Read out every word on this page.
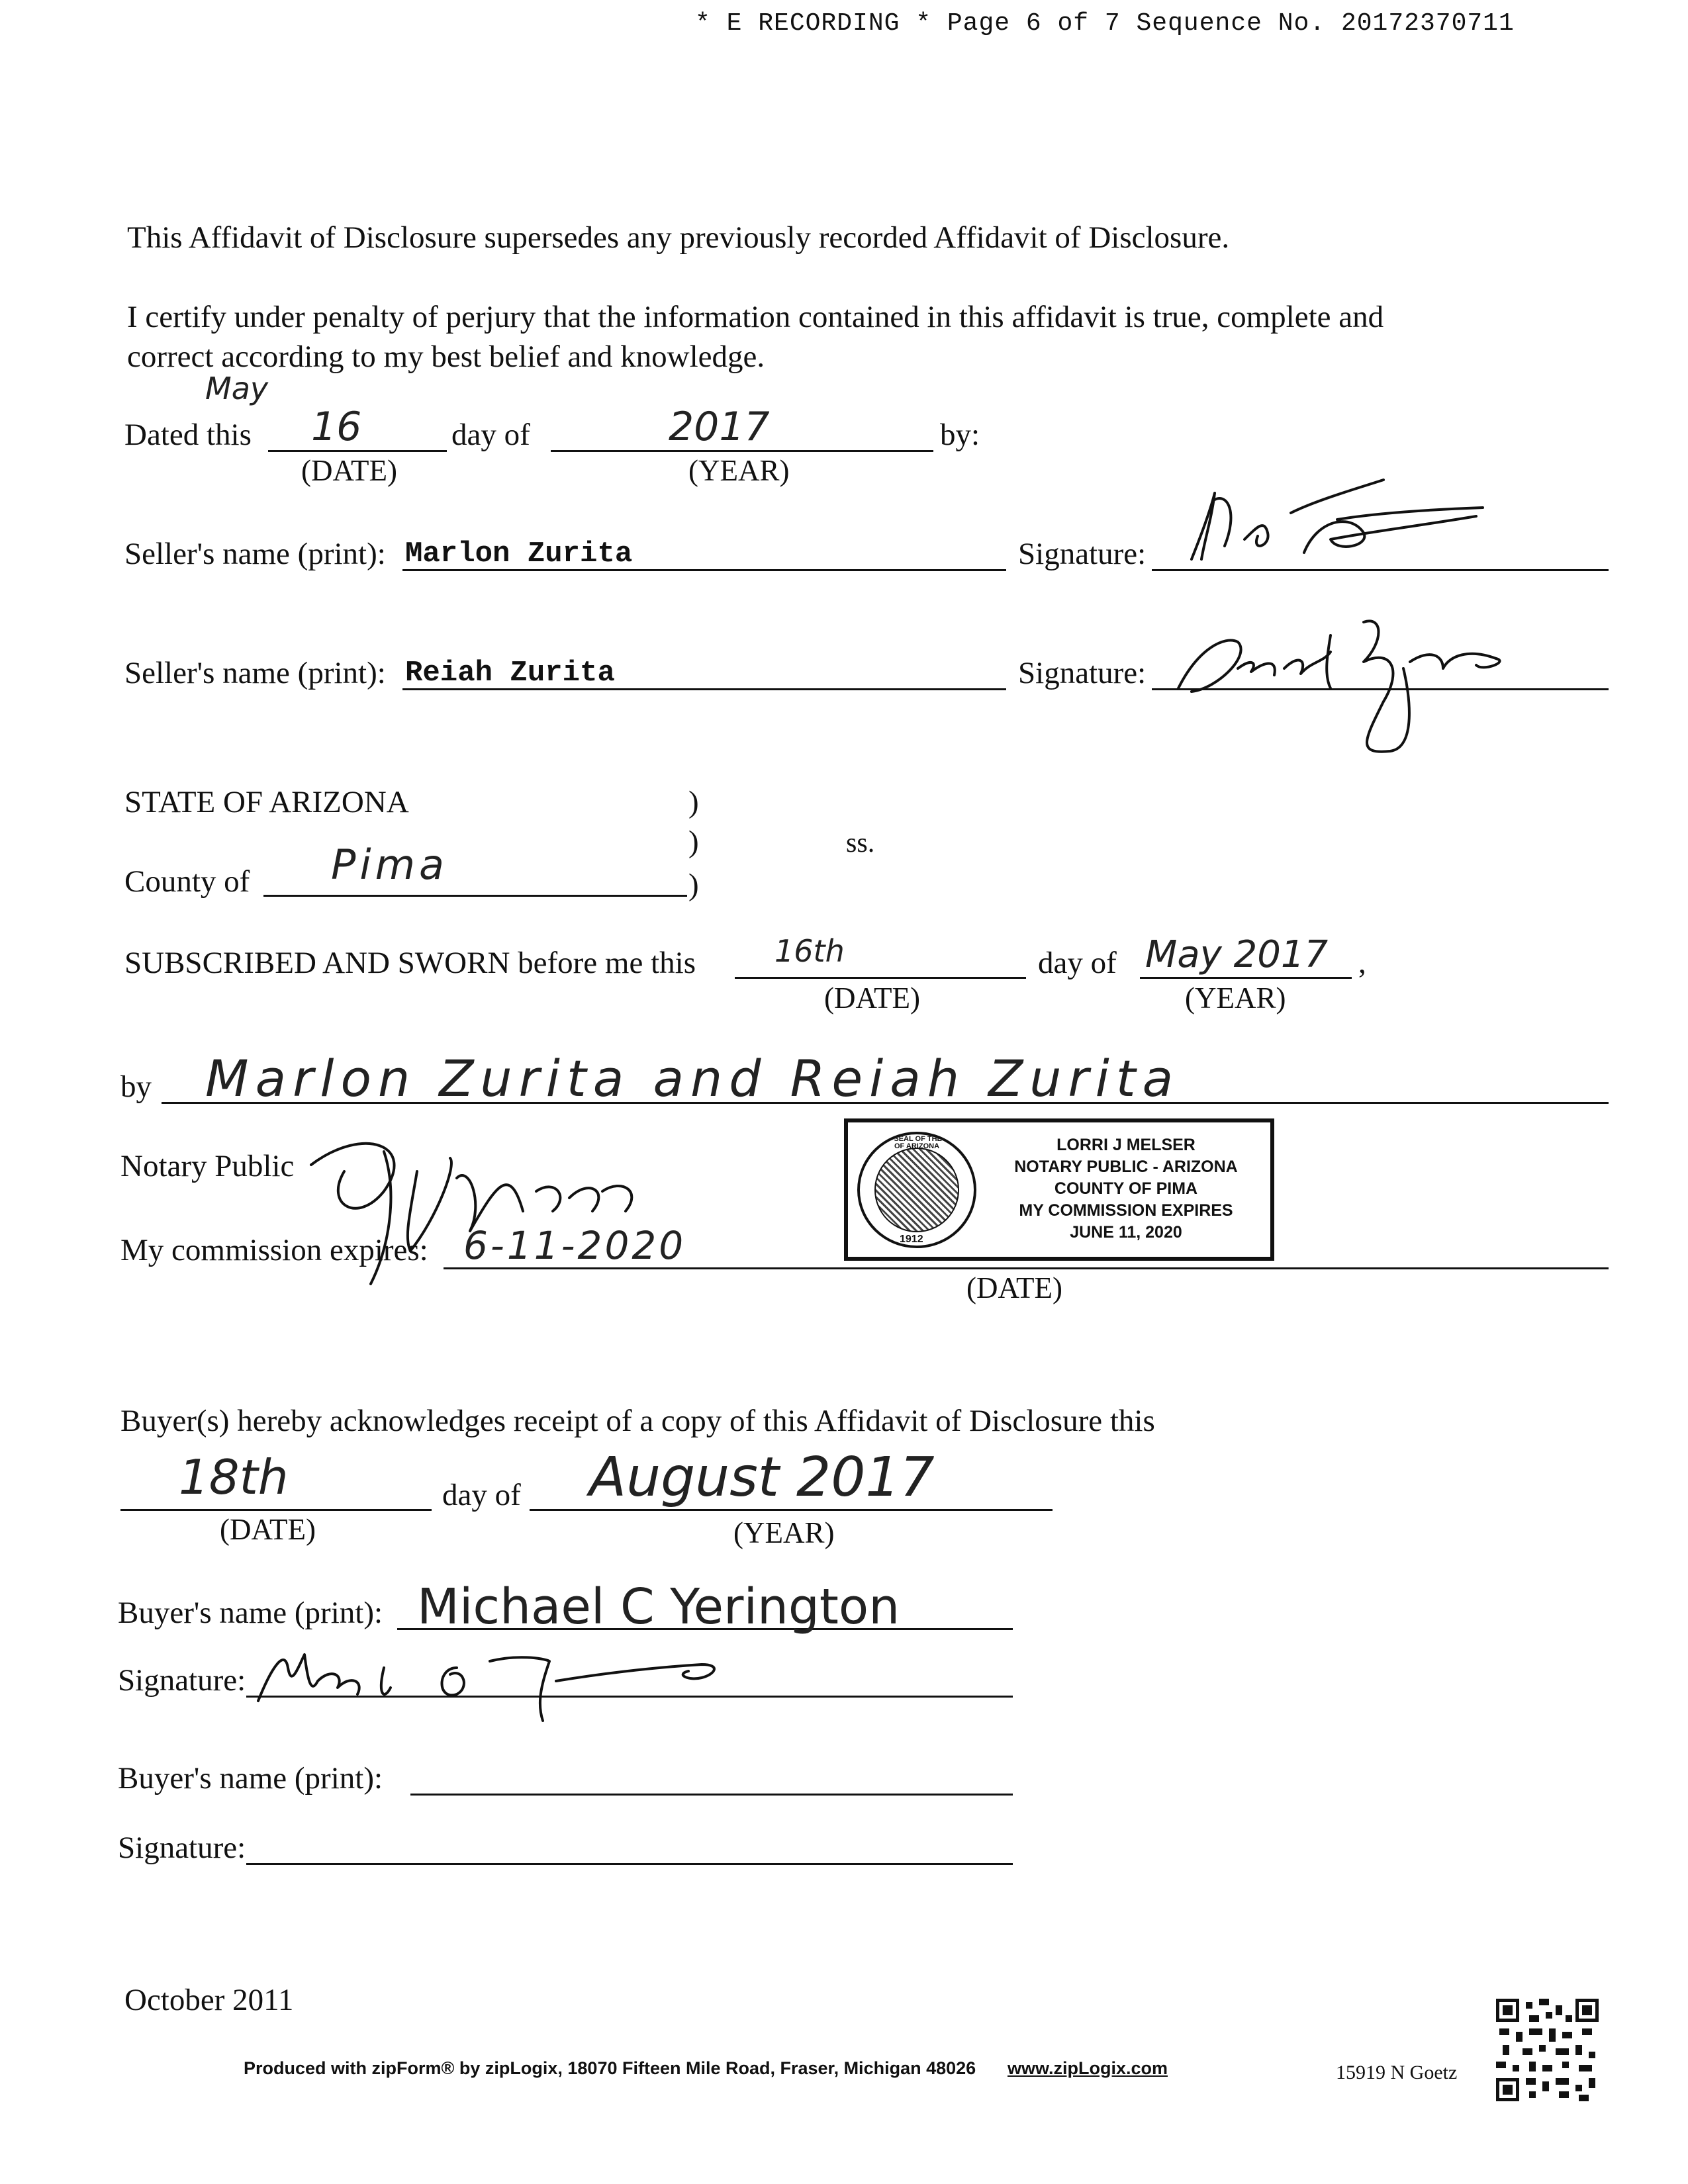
* E RECORDING * Page 6 of 7 Sequence No. 20172370711
This Affidavit of Disclosure supersedes any previously recorded Affidavit of Disclosure.
I certify under penalty of perjury that the information contained in this affidavit is true, complete and
correct according to my best belief and knowledge.
Dated this
May
16	day of	2017	by:
(DATE)	(YEAR)
Seller's name (print): Marlon Zurita	Signature:
Seller's name (print): Reiah Zurita	Signature:
STATE OF ARIZONA	)
)
)
ss.
County of Pima
SUBSCRIBED AND SWORN before me this	16th	day of May 2017 ,
(DATE)	(YEAR)
by Marlon Zurita and Reiah Zurita
Notary Public
My commission expires: 6-11-2020
(DATE)
GREAT SEAL OF THE STATE OF ARIZONA
1912
LORRI J MELSER
NOTARY PUBLIC - ARIZONA
COUNTY OF PIMA
MY COMMISSION EXPIRES
JUNE 11, 2020
Buyer(s) hereby acknowledges receipt of a copy of this Affidavit of Disclosure this
18th	day of August 2017
(DATE)	(YEAR)
Buyer's name (print): Michael C Yerington
Signature:
Buyer's name (print):
Signature:
October 2011
Produced with zipForm® by zipLogix, 18070 Fifteen Mile Road, Fraser, Michigan 48026 www.zipLogix.com	15919 N Goetz
